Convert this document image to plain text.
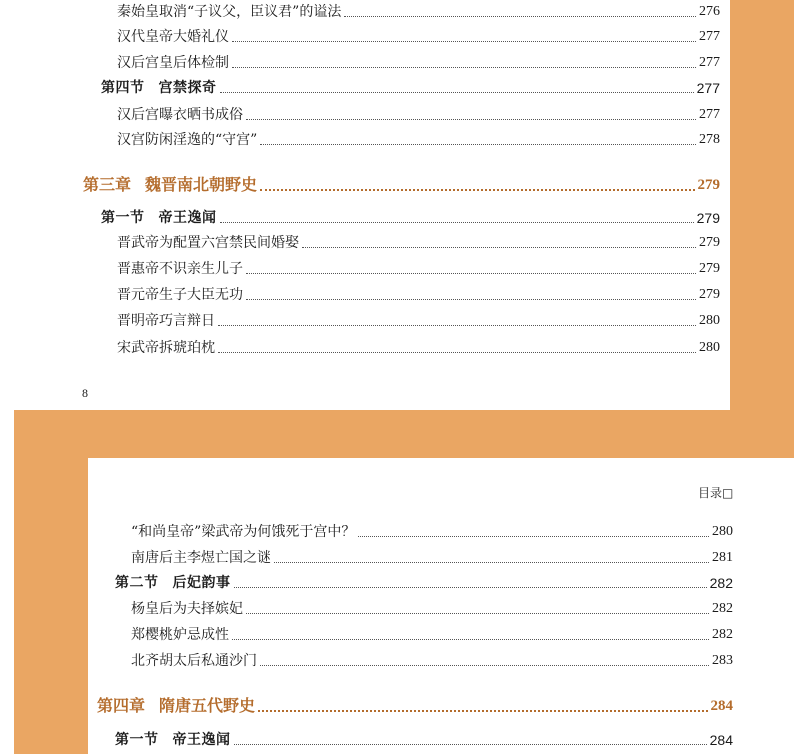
秦始皇取消“子议父，臣议君”的谥法	276
汉代皇帝大婚礼仪	277
汉后宫皇后体检制	277
第四节 宫禁探奇	277
汉后宫曝衣晒书成俗	277
汉宫防闲淫逸的“守宫”	278
第三章 魏晋南北朝野史	279
第一节 帝王逸闻	279
晋武帝为配置六宫禁民间婚娶	279
晋惠帝不识亲生儿子	279
晋元帝生子大臣无功	279
晋明帝巧言辩日	280
宋武帝拆琥珀枕	280
8
目录□
“和尚皇帝”梁武帝为何饿死于宫中？	280
南唐后主李煜亡国之谜	281
第二节 后妃韵事	282
杨皇后为夫择嫔妃	282
郑樱桃妒忌成性	282
北齐胡太后私通沙门	283
第四章 隋唐五代野史	284
第一节 帝王逸闻	284
